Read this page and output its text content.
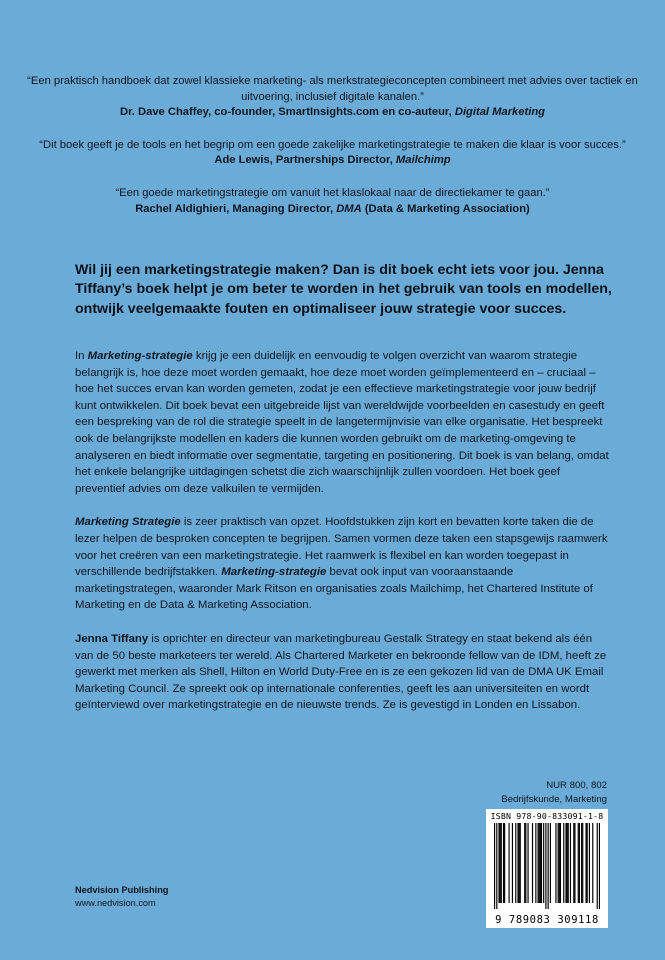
“Een praktisch handboek dat zowel klassieke marketing- als merkstrategieconcepten combineert met advies over tactiek en uitvoering, inclusief digitale kanalen.”
Dr. Dave Chaffey, co-founder, SmartInsights.com en co-auteur, Digital Marketing
“Dit boek geeft je de tools en het begrip om een goede zakelijke marketingstrategie te maken die klaar is voor succes.”
Ade Lewis, Partnerships Director, Mailchimp
“Een goede marketingstrategie om vanuit het klaslokaal naar de directiekamer te gaan.”
Rachel Aldighieri, Managing Director, DMA (Data & Marketing Association)

Wil jij een marketingstrategie maken? Dan is dit boek echt iets voor jou. Jenna Tiffany’s boek helpt je om beter te worden in het gebruik van tools en modellen, ontwijk veelgemaakte fouten en optimaliseer jouw strategie voor succes.

In Marketing-strategie krijg je een duidelijk en eenvoudig te volgen overzicht van waarom strategie belangrijk is, hoe deze moet worden gemaakt, hoe deze moet worden geïmplementeerd en – cruciaal – hoe het succes ervan kan worden gemeten, zodat je een effectieve marketingstrategie voor jouw bedrijf kunt ontwikkelen. Dit boek bevat een uitgebreide lijst van wereldwijde voorbeelden en casestudy en geeft een bespreking van de rol die strategie speelt in de langetermijnvisie van elke organisatie. Het bespreekt ook de belangrijkste modellen en kaders die kunnen worden gebruikt om de marketing-omgeving te analyseren en biedt informatie over segmentatie, targeting en positionering. Dit boek is van belang, omdat het enkele belangrijke uitdagingen schetst die zich waarschijnlijk zullen voordoen. Het boek geef preventief advies om deze valkuilen te vermijden.

Marketing Strategie is zeer praktisch van opzet. Hoofdstukken zijn kort en bevatten korte taken die de lezer helpen de besproken concepten te begrijpen. Samen vormen deze taken een stapsgewijs raamwerk voor het creëren van een marketingstrategie. Het raamwerk is flexibel en kan worden toegepast in verschillende bedrijfstakken. Marketing-strategie bevat ook input van vooraanstaande marketingstrategen, waaronder Mark Ritson en organisaties zoals Mailchimp, het Chartered Institute of Marketing en de Data & Marketing Association.

Jenna Tiffany is oprichter en directeur van marketingbureau Gestalk Strategy en staat bekend als één van de 50 beste marketeers ter wereld. Als Chartered Marketer en bekroonde fellow van de IDM, heeft ze gewerkt met merken als Shell, Hilton en World Duty-Free en is ze een gekozen lid van de DMA UK Email Marketing Council. Ze spreekt ook op internationale conferenties, geeft les aan universiteiten en wordt geïnterviewd over marketingstrategie en de nieuwste trends. Ze is gevestigd in Londen en Lissabon.

NUR 800, 802
Bedrijfskunde, Marketing
ISBN 978-90-833091-1-8
9 789083 309118
Nedvision Publishing
www.nedvision.com
